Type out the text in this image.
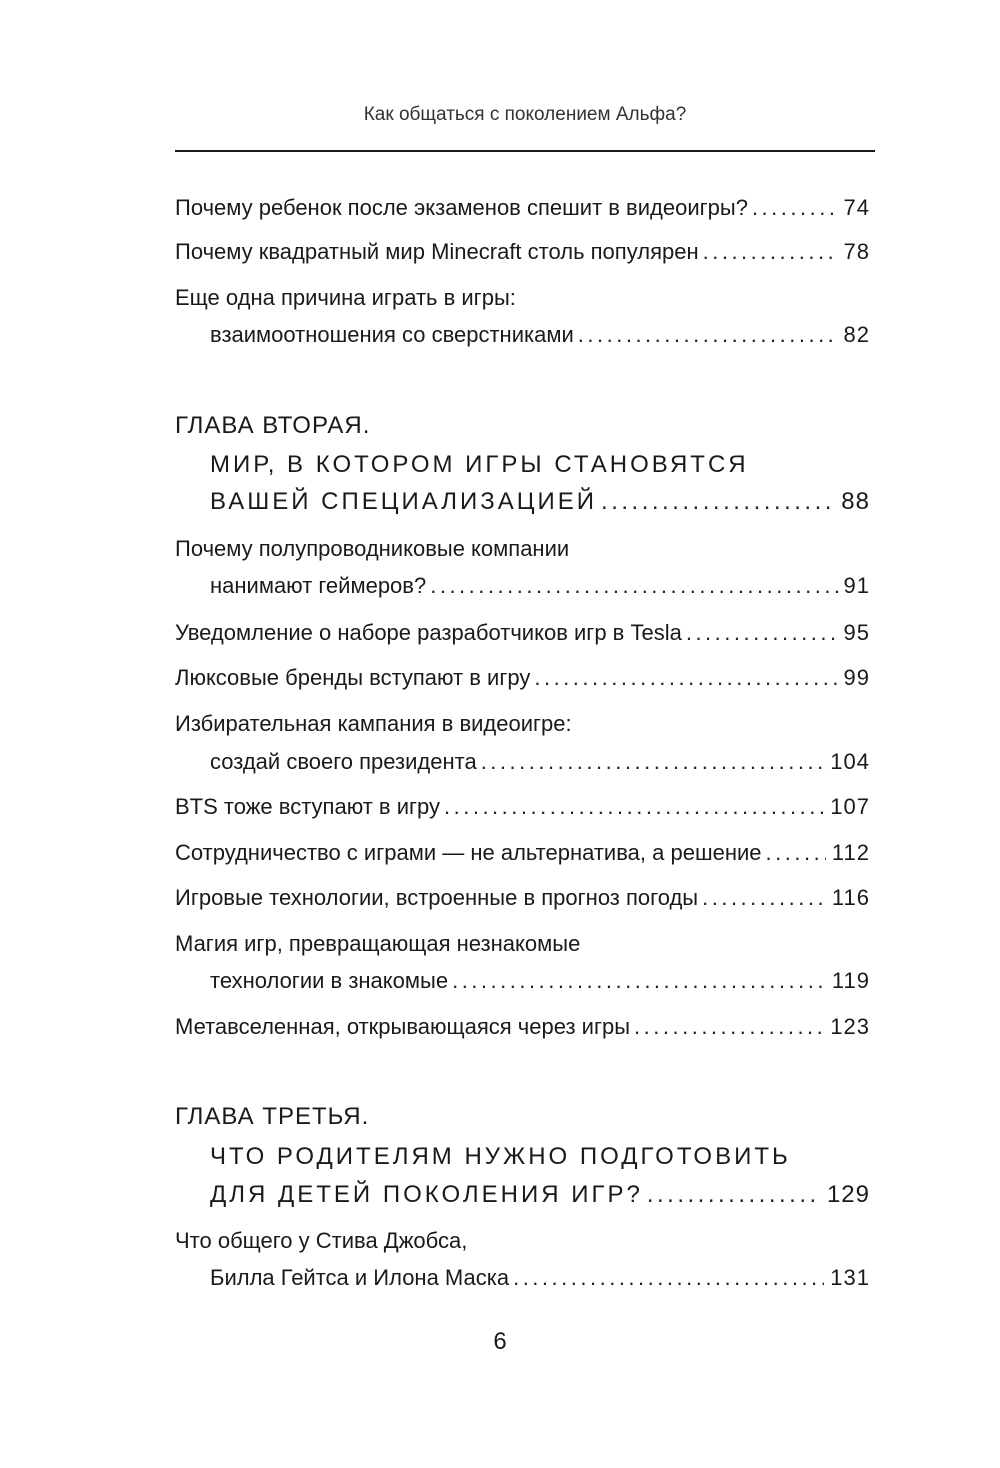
Как общаться с поколением Альфа?
Почему ребенок после экзаменов спешит в видеоигры? .....	74
Почему квадратный мир Minecraft столь популярен .....	78
Еще одна причина играть в игры:
взаимоотношения со сверстниками .....	82
ГЛАВА ВТОРАЯ.
МИР, В КОТОРОМ ИГРЫ СТАНОВЯТСЯ
ВАШЕЙ СПЕЦИАЛИЗАЦИЕЙ .....	88
Почему полупроводниковые компании
нанимают геймеров? .....	91
Уведомление о наборе разработчиков игр в Tesla .....	95
Люксовые бренды вступают в игру .....	99
Избирательная кампания в видеоигре:
создай своего президента .....	104
BTS тоже вступают в игру .....	107
Сотрудничество с играми — не альтернатива, а решение .....	112
Игровые технологии, встроенные в прогноз погоды .....	116
Магия игр, превращающая незнакомые
технологии в знакомые .....	119
Метавселенная, открывающаяся через игры .....	123
ГЛАВА ТРЕТЬЯ.
ЧТО РОДИТЕЛЯМ НУЖНО ПОДГОТОВИТЬ
ДЛЯ ДЕТЕЙ ПОКОЛЕНИЯ ИГР? .....	129
Что общего у Стива Джобса,
Билла Гейтса и Илона Маска .....	131
6
